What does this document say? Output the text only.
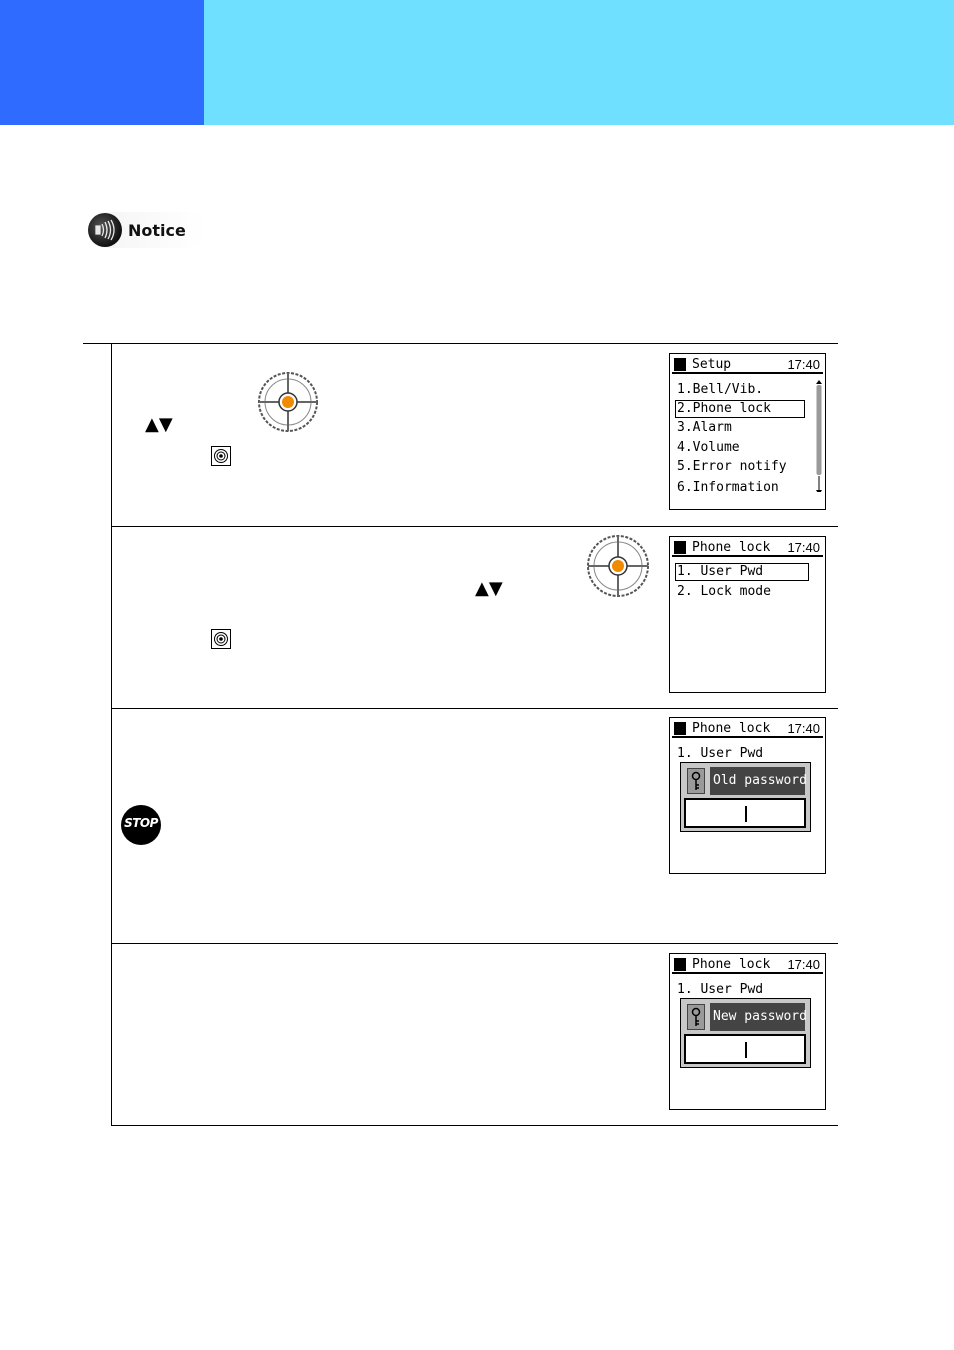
Notice
▲▼
▲▼
STOP
Setup	17:40
1.Bell/Vib.
2.Phone lock
3.Alarm
4.Volume
5.Error notify
6.Information
Phone lock 17:40
1. User Pwd
2. Lock mode
Phone lock 17:40
1. User Pwd
Old password
Phone lock 17:40
1. User Pwd
New password
